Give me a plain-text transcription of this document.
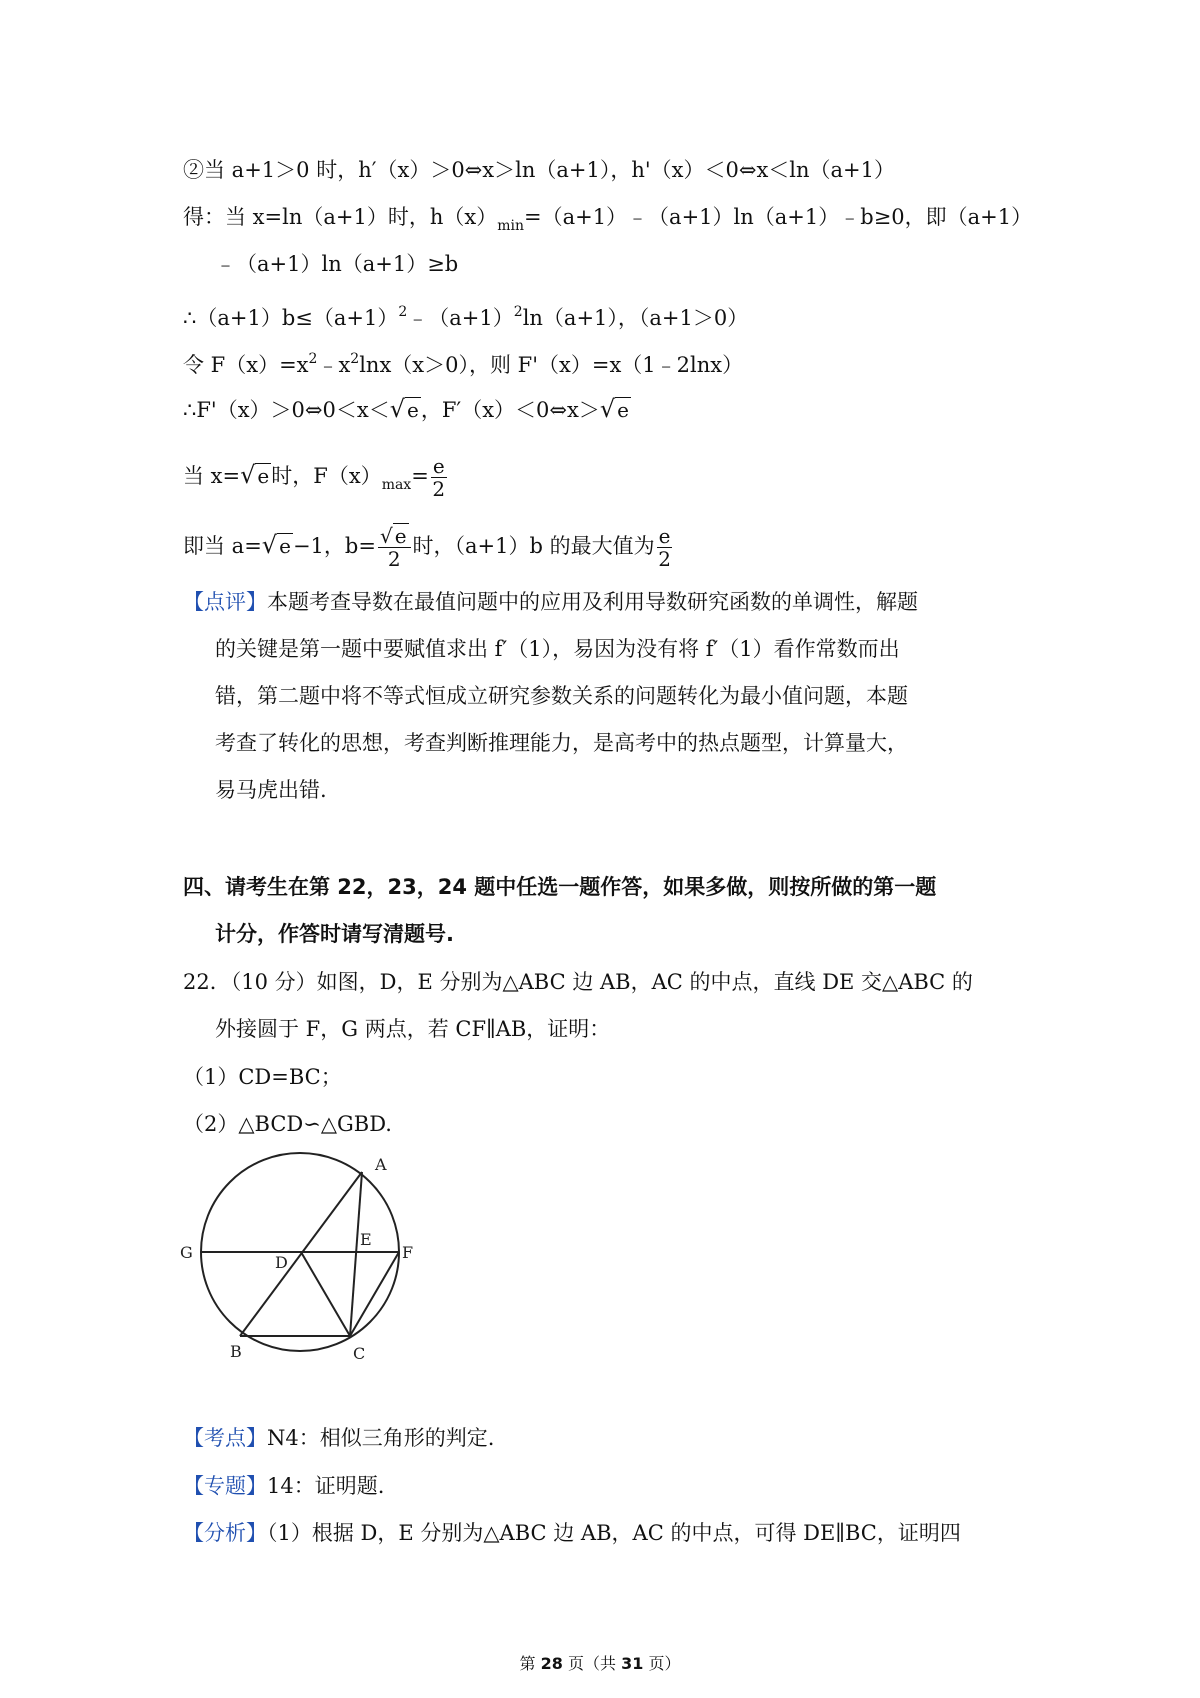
②当 a+1＞0 时，h′（x）＞0⇔x＞ln（a+1），h'（x）＜0⇔x＜ln（a+1）
得：当 x=ln（a+1）时，$h(x)_{min}=(a+1)﹣(a+1)\ln(a+1)﹣b\ge 0$，即（a+1）
﹣（a+1）ln（a+1）≥b
$\therefore(a+1)b\le(a+1)^2﹣(a+1)^2\ln(a+1)$，（a+1＞0）
令 $F(x)=x^2﹣x^2\ln x(x>0)$，则 F'（x）=x（1﹣2lnx）
∴F'（x）＞0⇔0＜x＜√ e，F′（x）＜0⇔x＞√ e
当 x=√ e时，$F(x)_{max}= \frac{e}{2}$
即当 a=√ e−1，$b= \frac{√ e}{2}$ 时，（a+1）b 的最大值为 $\frac{e}{2}$
【点评】本题考查导数在最值问题中的应用及利用导数研究函数的单调性，解题
的关键是第一题中要赋值求出 f′（1），易因为没有将 f′（1）看作常数而出
错，第二题中将不等式恒成立研究参数关系的问题转化为最小值问题，本题
考查了转化的思想，考查判断推理能力，是高考中的热点题型，计算量大，
易马虎出错.
四、请考生在第 22，23，24 题中任选一题作答，如果多做，则按所做的第一题
计分，作答时请写清题号.
22．（10 分）如图，D，E 分别为△ABC 边 AB，AC 的中点，直线 DE 交△ABC 的
外接圆于 F，G 两点，若 CF∥AB，证明：
（1）CD=BC；
（2）△BCD∽△GBD.
A
B	C
D
E
F
G
【考点】N4：相似三角形的判定.
【专题】14：证明题.
【分析】（1）根据 D，E 分别为△ABC 边 AB，AC 的中点，可得 DE∥BC，证明四
第 28 页（共 31 页）
